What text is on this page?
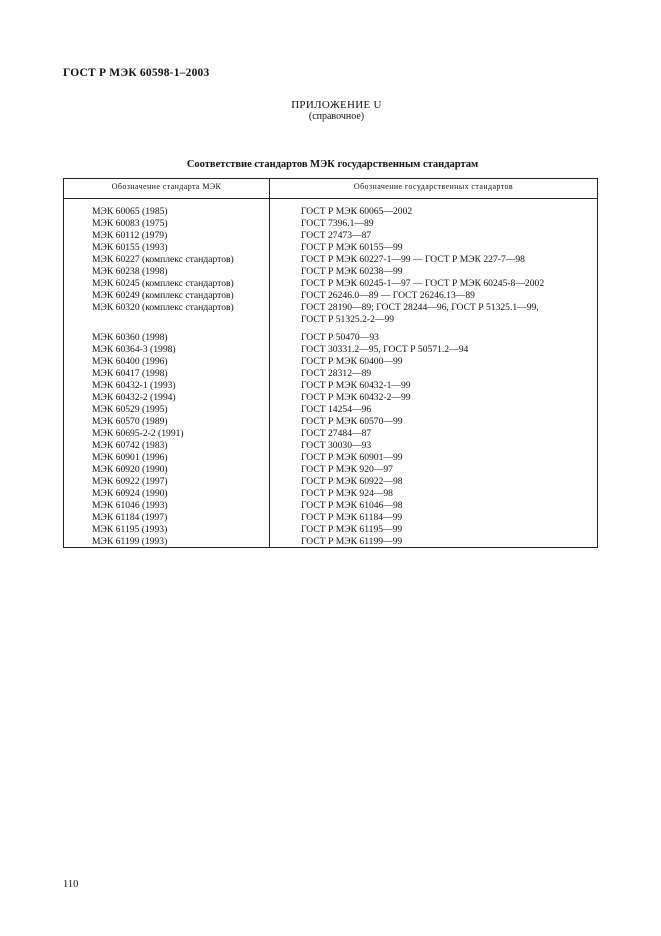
ГОСТ Р МЭК 60598-1–2003
ПРИЛОЖЕНИЕ U
(справочное)
Соответствие стандартов МЭК государственным стандартам
Обозначение стандарта МЭК	Обозначение государственных стандартов
МЭК 60065 (1985)	ГОСТ Р МЭК 60065—2002
МЭК 60083 (1975)	ГОСТ 7396.1—89
МЭК 60112 (1979)	ГОСТ 27473—87
МЭК 60155 (1993)	ГОСТ Р МЭК 60155—99
МЭК 60227 (комплекс стандартов)	ГОСТ Р МЭК 60227-1—99 — ГОСТ Р МЭК 227-7—98
МЭК 60238 (1998)	ГОСТ Р МЭК 60238—99
МЭК 60245 (комплекс стандартов)	ГОСТ Р МЭК 60245-1—97 — ГОСТ Р МЭК 60245-8—2002
МЭК 60249 (комплекс стандартов)	ГОСТ 26246.0—89 — ГОСТ 26246.13—89
МЭК 60320 (комплекс стандартов)	ГОСТ 28190—89; ГОСТ 28244—96, ГОСТ Р 51325.1—99,
ГОСТ Р 51325.2-2—99
МЭК 60360 (1998)	ГОСТ Р 50470—93
МЭК 60364-3 (1998)	ГОСТ 30331.2—95, ГОСТ Р 50571.2—94
МЭК 60400 (1996)	ГОСТ Р МЭК 60400—99
МЭК 60417 (1998)	ГОСТ 28312—89
МЭК 60432-1 (1993)	ГОСТ Р МЭК 60432-1—99
МЭК 60432-2 (1994)	ГОСТ Р МЭК 60432-2—99
МЭК 60529 (1995)	ГОСТ 14254—96
МЭК 60570 (1989)	ГОСТ Р МЭК 60570—99
МЭК 60695-2-2 (1991)	ГОСТ 27484—87
МЭК 60742 (1983)	ГОСТ 30030—93
МЭК 60901 (1996)	ГОСТ Р МЭК 60901—99
МЭК 60920 (1990)	ГОСТ Р МЭК 920—97
МЭК 60922 (1997)	ГОСТ Р МЭК 60922—98
МЭК 60924 (1990)	ГОСТ Р МЭК 924—98
МЭК 61046 (1993)	ГОСТ Р МЭК 61046—98
МЭК 61184 (1997)	ГОСТ Р МЭК 61184—99
МЭК 61195 (1993)	ГОСТ Р МЭК 61195—99
МЭК 61199 (1993)	ГОСТ Р МЭК 61199—99
110
